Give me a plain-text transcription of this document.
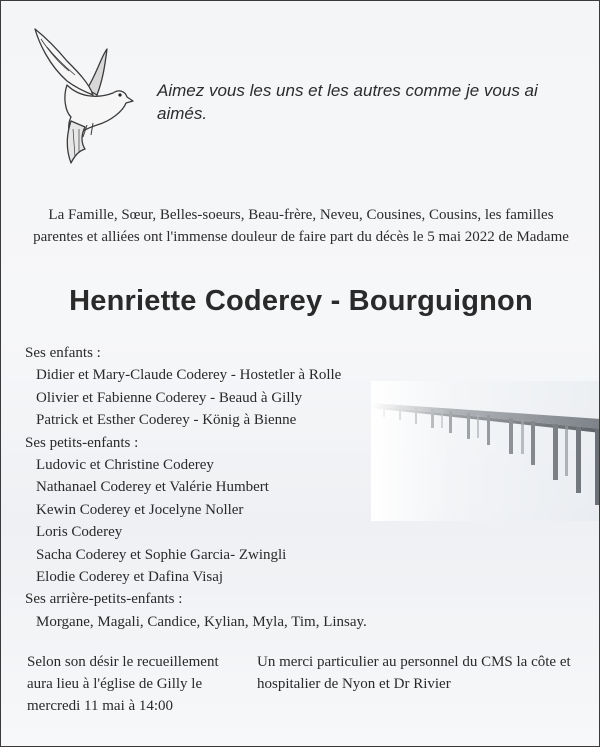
Aimez vous les uns et les autres comme je vous ai aimés.
La Famille, Sœur, Belles-soeurs, Beau-frère, Neveu, Cousines, Cousins, les familles parentes et alliées ont l'immense douleur de faire part du décès le 5 mai 2022 de Madame
Henriette Coderey - Bourguignon
Ses enfants :
Didier et Mary-Claude Coderey - Hostetler à Rolle
Olivier et Fabienne Coderey - Beaud à Gilly
Patrick et Esther Coderey - König à Bienne
Ses petits-enfants :
Ludovic et Christine Coderey
Nathanael Coderey et Valérie Humbert
Kewin Coderey et Jocelyne Noller
Loris Coderey
Sacha Coderey et Sophie Garcia- Zwingli
Elodie Coderey et Dafina Visaj
Ses arrière-petits-enfants :
Morgane, Magali, Candice, Kylian, Myla, Tim, Linsay.
Selon son désir le recueillement aura lieu à l'église de Gilly le mercredi 11 mai à 14:00
Un merci particulier au personnel du CMS la côte et hospitalier de Nyon et Dr Rivier
